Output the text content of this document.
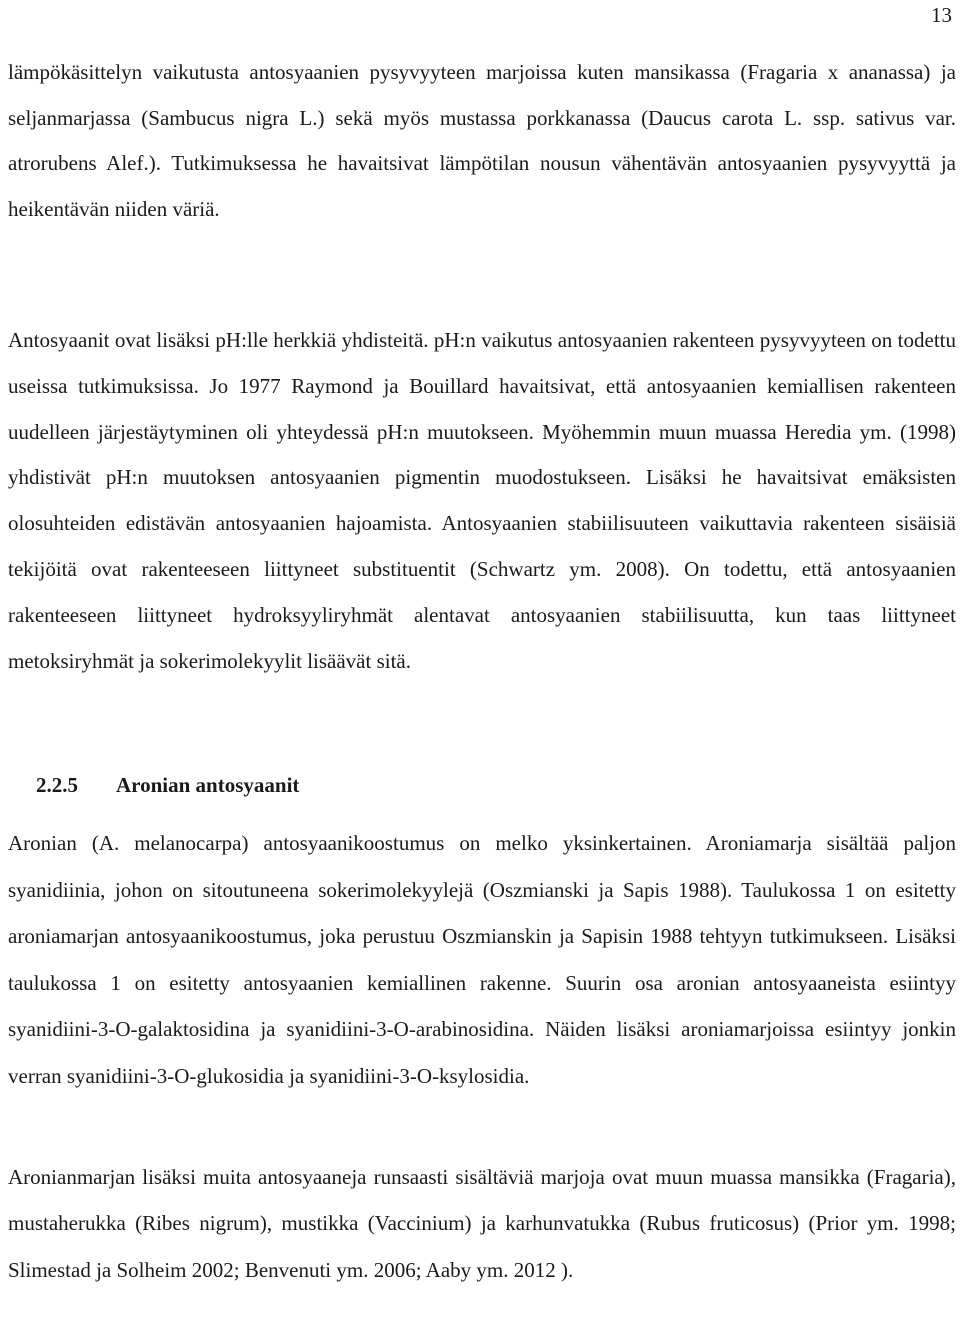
13

lämpökäsittelyn vaikutusta antosyaanien pysyvyyteen marjoissa kuten mansikassa (Fragaria x ananassa) ja seljanmarjassa (Sambucus nigra L.) sekä myös mustassa porkkanassa (Daucus carota L. ssp. sativus var. atrorubens Alef.). Tutkimuksessa he havaitsivat lämpötilan nousun vähentävän antosyaanien pysyvyyttä ja heikentävän niiden väriä.

Antosyaanit ovat lisäksi pH:lle herkkiä yhdisteitä. pH:n vaikutus antosyaanien rakenteen pysyvyyteen on todettu useissa tutkimuksissa. Jo 1977 Raymond ja Bouillard havaitsivat, että antosyaanien kemiallisen rakenteen uudelleen järjestäytyminen oli yhteydessä pH:n muutokseen. Myöhemmin muun muassa Heredia ym. (1998) yhdistivät pH:n muutoksen antosyaanien pigmentin muodostukseen. Lisäksi he havaitsivat emäksisten olosuhteiden edistävän antosyaanien hajoamista. Antosyaanien stabiilisuuteen vaikuttavia rakenteen sisäisiä tekijöitä ovat rakenteeseen liittyneet substituentit (Schwartz ym. 2008). On todettu, että antosyaanien rakenteeseen liittyneet hydroksyyliryhmät alentavat antosyaanien stabiilisuutta, kun taas liittyneet metoksiryhmät ja sokerimolekyylit lisäävät sitä.

2.2.5 Aronian antosyaanit

Aronian (A. melanocarpa) antosyaanikoostumus on melko yksinkertainen. Aroniamarja sisältää paljon syanidiinia, johon on sitoutuneena sokerimolekyylejä (Oszmianski ja Sapis 1988). Taulukossa 1 on esitetty aroniamarjan antosyaanikoostumus, joka perustuu Oszmianskin ja Sapisin 1988 tehtyyn tutkimukseen. Lisäksi taulukossa 1 on esitetty antosyaanien kemiallinen rakenne. Suurin osa aronian antosyaaneista esiintyy syanidiini-3-O-galaktosidina ja syanidiini-3-O-arabinosidina. Näiden lisäksi aroniamarjoissa esiintyy jonkin verran syanidiini-3-O-glukosidia ja syanidiini-3-O-ksylosidia.

Aronianmarjan lisäksi muita antosyaaneja runsaasti sisältäviä marjoja ovat muun muassa mansikka (Fragaria), mustaherukka (Ribes nigrum), mustikka (Vaccinium) ja karhunvatukka (Rubus fruticosus) (Prior ym. 1998; Slimestad ja Solheim 2002; Benvenuti ym. 2006; Aaby ym. 2012 ).
